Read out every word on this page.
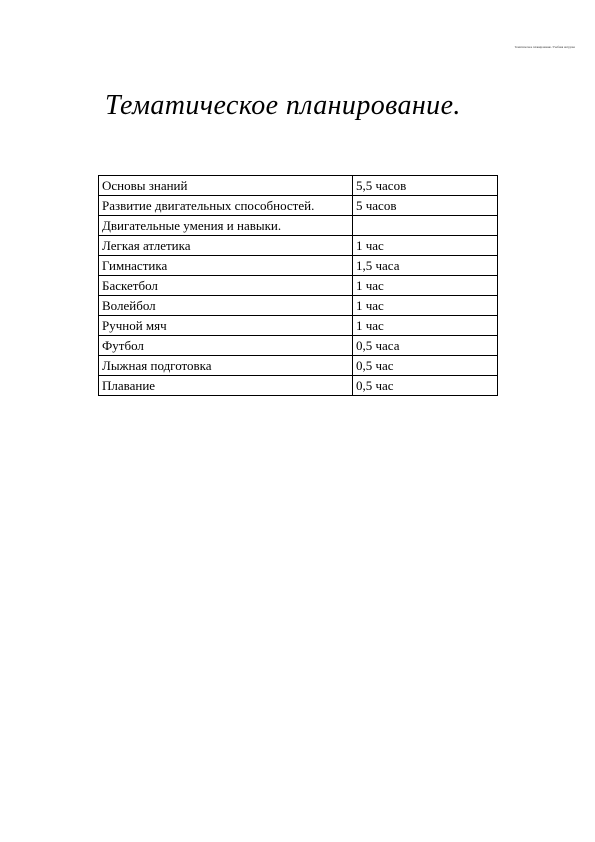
Тематическое планирование. Учебная нагрузка
Тематическое планирование.
Основы знаний	5,5 часов
Развитие двигательных способностей.	5 часов
Двигательные умения и навыки.	
Легкая атлетика	1 час
Гимнастика	1,5 часа
Баскетбол	1 час
Волейбол	1 час
Ручной мяч	1 час
Футбол	0,5 часа
Лыжная подготовка	0,5 час
Плавание	0,5 час
